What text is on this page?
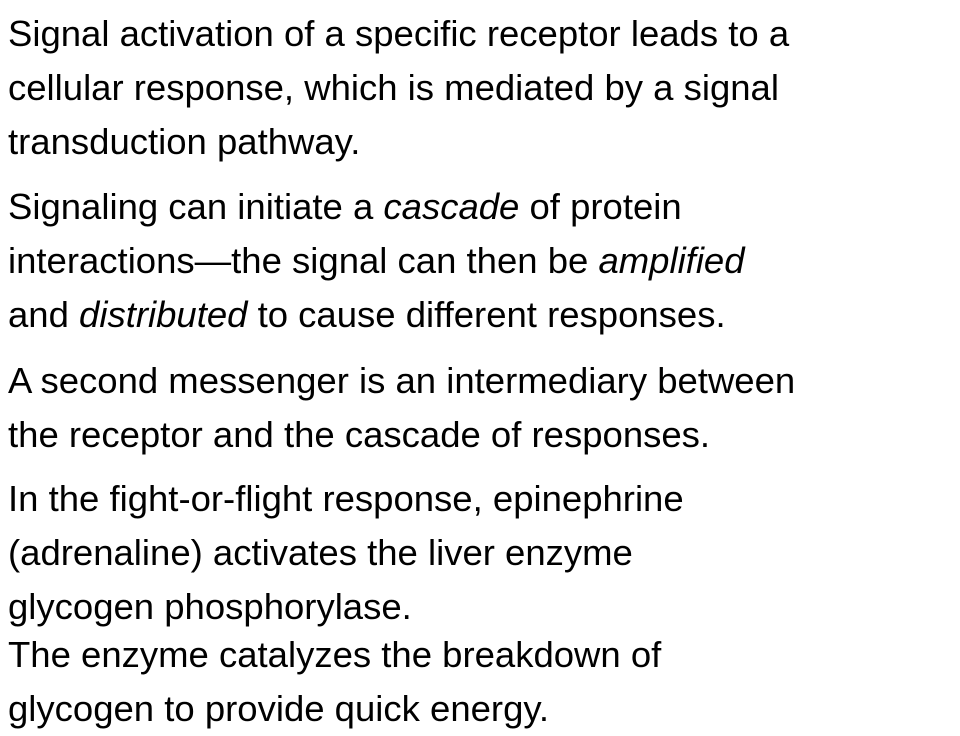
Signal activation of a specific receptor leads to a
cellular response, which is mediated by a signal
transduction pathway.

Signaling can initiate a cascade of protein
interactions—the signal can then be amplified
and distributed to cause different responses.

A second messenger is an intermediary between
the receptor and the cascade of responses.

In the fight-or-flight response, epinephrine
(adrenaline) activates the liver enzyme
glycogen phosphorylase.

The enzyme catalyzes the breakdown of
glycogen to provide quick energy.
